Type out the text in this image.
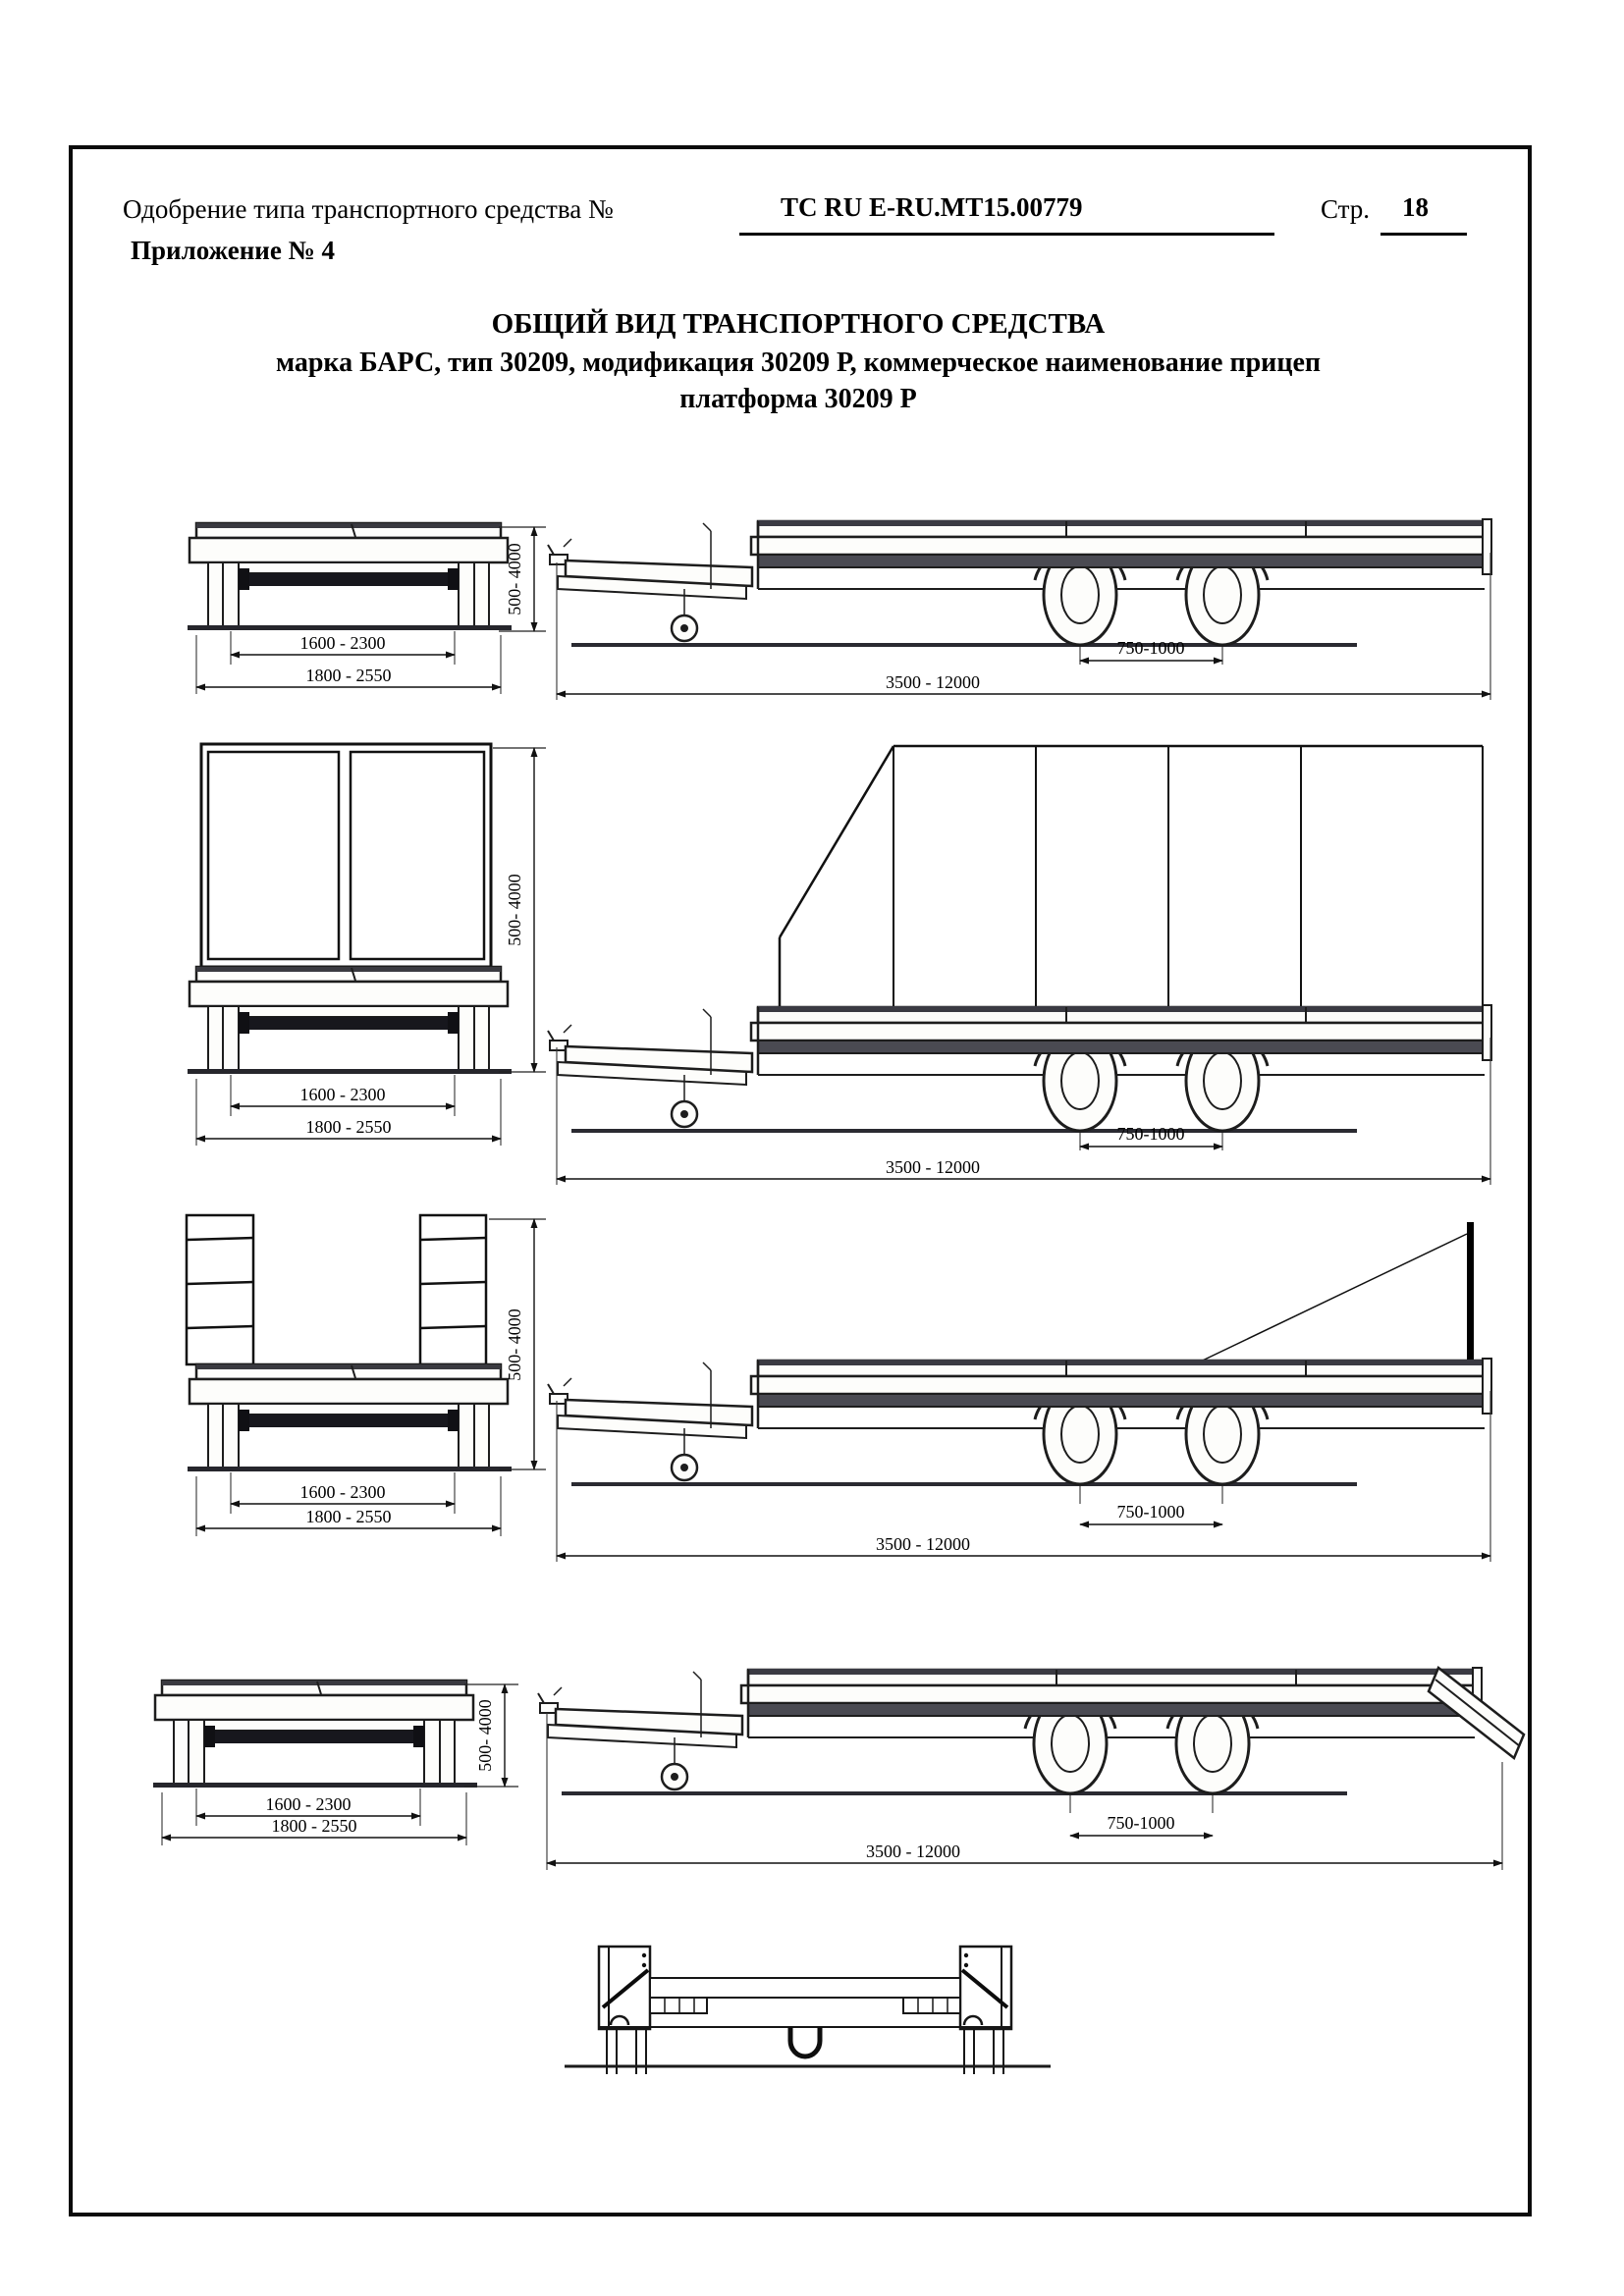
Одобрение типа транспортного средства №	ТС RU E-RU.MT15.00779	Стр. 18
Приложение № 4
ОБЩИЙ ВИД ТРАНСПОРТНОГО СРЕДСТВА
марка БАРС, тип 30209, модификация 30209 Р, коммерческое наименование прицеп
платформа 30209 Р
1600 - 2300
1800 - 2550
500- 4000
750-1000
3500 - 12000
1600 - 2300
1800 - 2550
500- 4000
750-1000
3500 - 12000
1600 - 2300
1800 - 2550
500- 4000
750-1000
3500 - 12000
1600 - 2300
1800 - 2550
500- 4000
750-1000
3500 - 12000
